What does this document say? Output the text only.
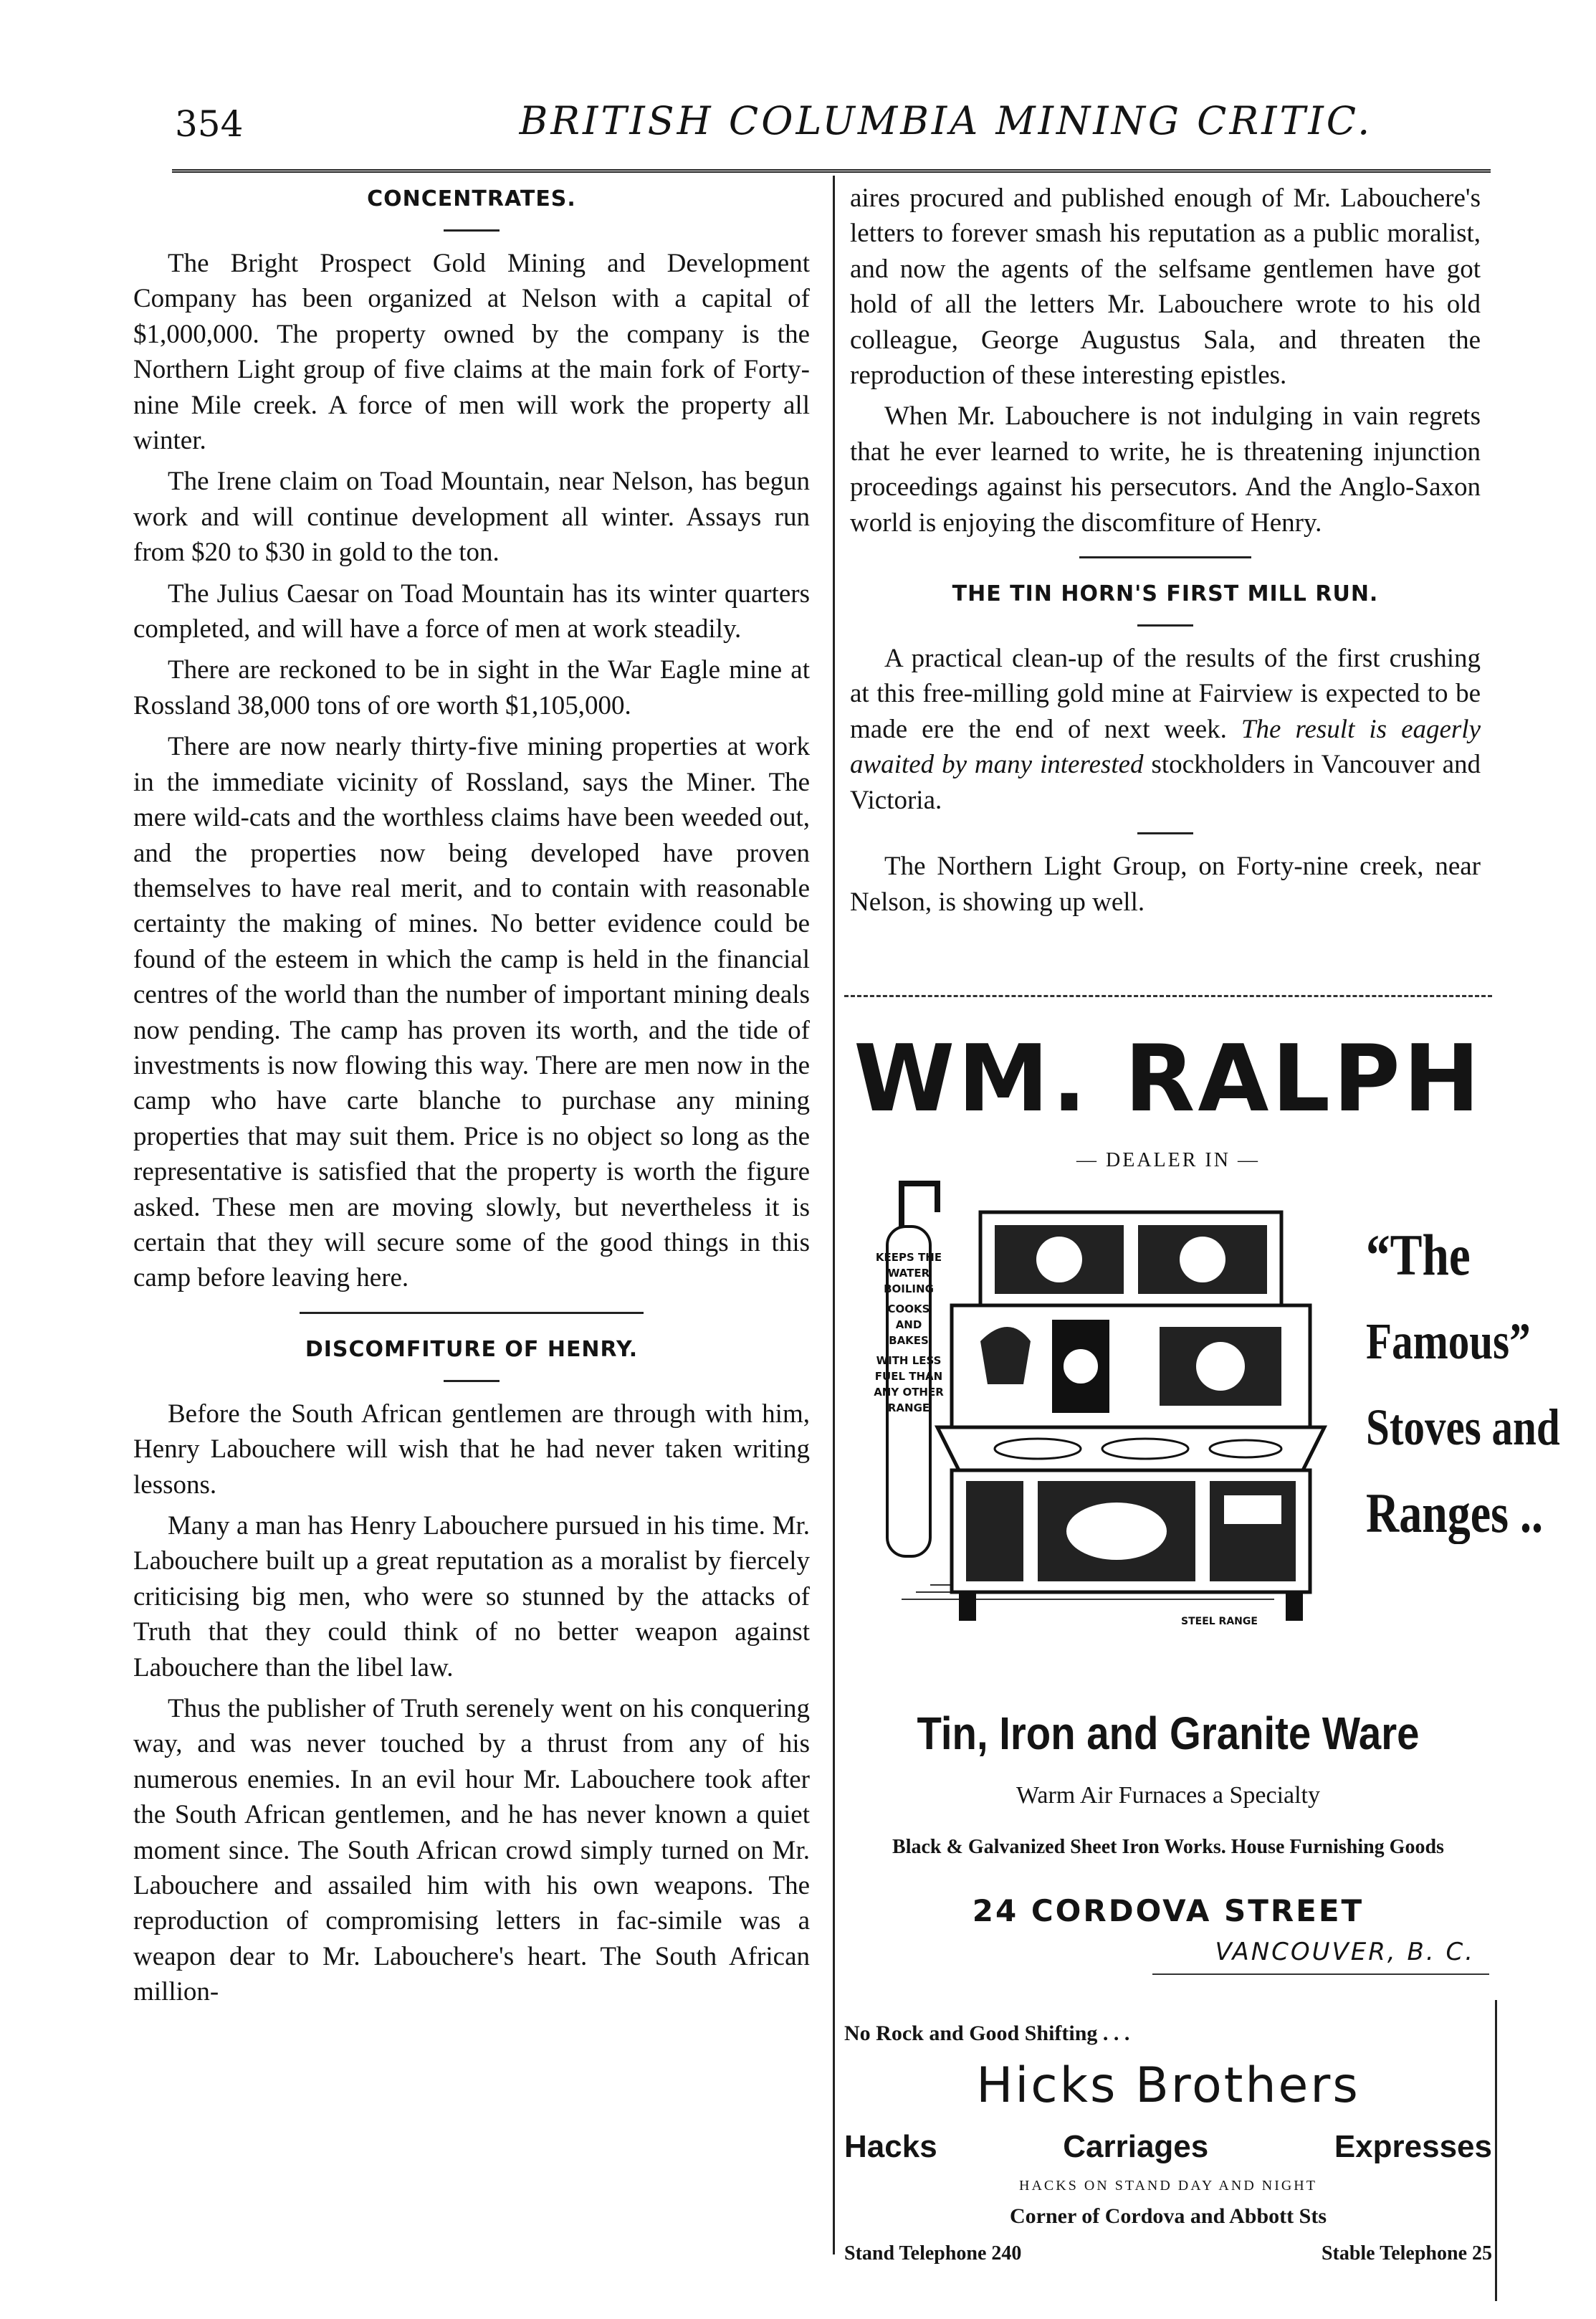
354	BRITISH COLUMBIA MINING CRITIC.
CONCENTRATES.

The Bright Prospect Gold Mining and Development Company has been organized at Nelson with a capital of $1,000,000. The property owned by the company is the Northern Light group of five claims at the main fork of Forty-nine Mile creek. A force of men will work the property all winter.

The Irene claim on Toad Mountain, near Nelson, has begun work and will continue development all winter. Assays run from $20 to $30 in gold to the ton.

The Julius Caesar on Toad Mountain has its winter quarters completed, and will have a force of men at work steadily.

There are reckoned to be in sight in the War Eagle mine at Rossland 38,000 tons of ore worth $1,105,000.

There are now nearly thirty-five mining properties at work in the immediate vicinity of Rossland, says the Miner. The mere wild-cats and the worthless claims have been weeded out, and the properties now being developed have proven themselves to have real merit, and to contain with reasonable certainty the making of mines. No better evidence could be found of the esteem in which the camp is held in the financial centres of the world than the number of important mining deals now pending. The camp has proven its worth, and the tide of investments is now flowing this way. There are men now in the camp who have carte blanche to purchase any mining properties that may suit them. Price is no object so long as the representative is satisfied that the property is worth the figure asked. These men are moving slowly, but nevertheless it is certain that they will secure some of the good things in this camp before leaving here.

DISCOMFITURE OF HENRY.

Before the South African gentlemen are through with him, Henry Labouchere will wish that he had never taken writing lessons.

Many a man has Henry Labouchere pursued in his time. Mr. Labouchere built up a great reputation as a moralist by fiercely criticising big men, who were so stunned by the attacks of Truth that they could think of no better weapon against Labouchere than the libel law.

Thus the publisher of Truth serenely went on his conquering way, and was never touched by a thrust from any of his numerous enemies. In an evil hour Mr. Labouchere took after the South African gentlemen, and he has never known a quiet moment since. The South African crowd simply turned on Mr. Labouchere and assailed him with his own weapons. The reproduction of compromising letters in fac-simile was a weapon dear to Mr. Labouchere's heart. The South African million-

aires procured and published enough of Mr. Labouchere's letters to forever smash his reputation as a public moralist, and now the agents of the selfsame gentlemen have got hold of all the letters Mr. Labouchere wrote to his old colleague, George Augustus Sala, and threaten the reproduction of these interesting epistles.

When Mr. Labouchere is not indulging in vain regrets that he ever learned to write, he is threatening injunction proceedings against his persecutors. And the Anglo-Saxon world is enjoying the discomfiture of Henry.

THE TIN HORN'S FIRST MILL RUN.

A practical clean-up of the results of the first crushing at this free-milling gold mine at Fairview is expected to be made ere the end of next week. The result is eagerly awaited by many interested stockholders in Vancouver and Victoria.

The Northern Light Group, on Forty-nine creek, near Nelson, is showing up well.

WM. RALPH
— DEALER IN —
KEEPS THE
WATER
BOILING
COOKS
AND
BAKES
WITH LESS
FUEL THAN
ANY OTHER
RANGE
STEEL RANGE
“The
Famous”
Stoves and
Ranges ..
Tin, Iron and Granite Ware
Warm Air Furnaces a Specialty
Black & Galvanized Sheet Iron Works. House Furnishing Goods
24 CORDOVA STREET
VANCOUVER, B. C.
No Rock and Good Shifting . . .
Hicks Brothers
Hacks	Carriages	Expresses
HACKS ON STAND DAY AND NIGHT
Corner of Cordova and Abbott Sts
Stand Telephone 240	Stable Telephone 25
